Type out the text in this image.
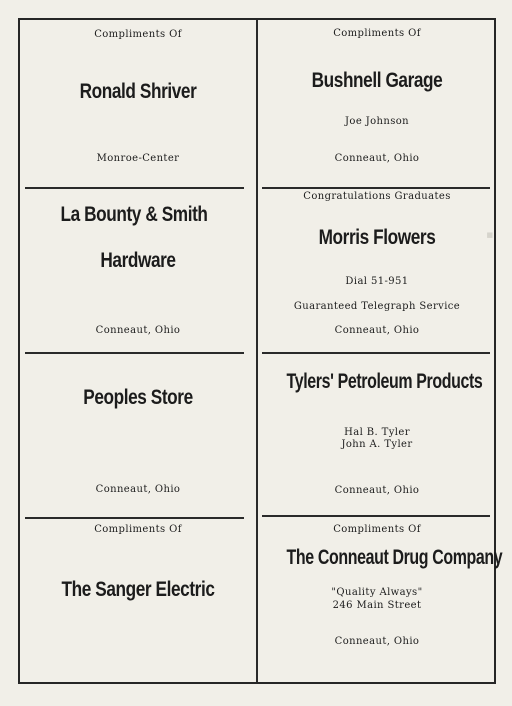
Compliments Of
Ronald Shriver
Monroe-Center
La Bounty & Smith
Hardware
Conneaut, Ohio
Peoples Store
Conneaut, Ohio
Compliments Of
The Sanger Electric
Compliments Of
Bushnell Garage
Joe Johnson
Conneaut, Ohio
Congratulations Graduates
Morris Flowers
Dial 51-951
Guaranteed Telegraph Service
Conneaut, Ohio
Tylers' Petroleum Products
Hal B. Tyler
John A. Tyler
Conneaut, Ohio
Compliments Of
The Conneaut Drug Company
"Quality Always"
246 Main Street
Conneaut, Ohio
▪
